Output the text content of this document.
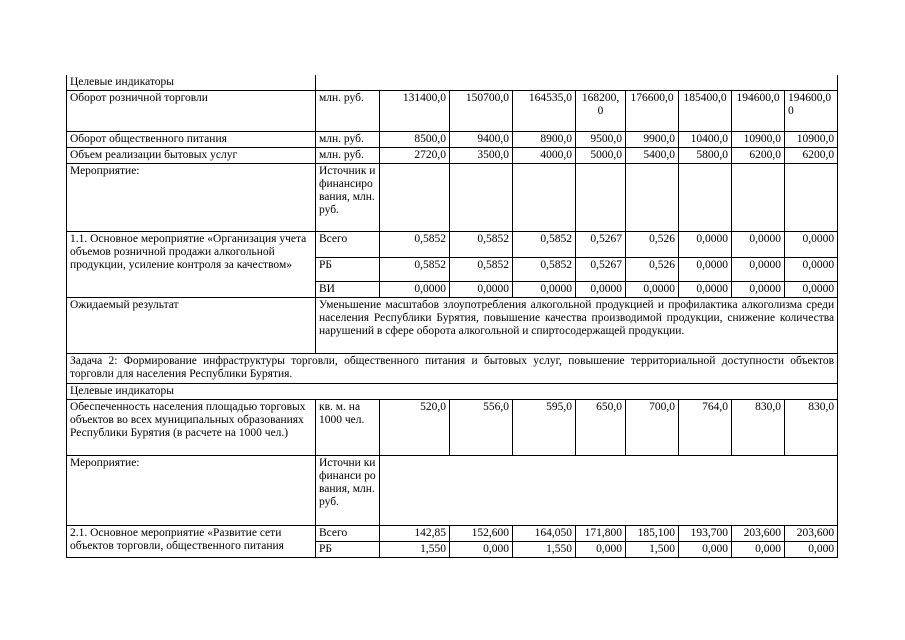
Целевые индикаторы									
Оборот розничной торговли	млн. руб.	131400,0	150700,0	164535,0	168200,0	176600,0	185400,0	194600,0	194600,00
Оборот общественного питания	млн. руб.	8500,0	9400,0	8900,0	9500,0	9900,0	10400,0	10900,0	10900,0
Объем реализации бытовых услуг	млн. руб.	2720,0	3500,0	4000,0	5000,0	5400,0	5800,0	6200,0	6200,0
Мероприятие:	Источник и финансирования, млн. руб.								
1.1. Основное мероприятие «Организация учета объемов розничной продажи алкогольной продукции, усиление контроля за качеством»	Всего	0,5852	0,5852	0,5852	0,5267	0,526	0,0000	0,0000	0,0000
	РБ	0,5852	0,5852	0,5852	0,5267	0,526	0,0000	0,0000	0,0000
	ВИ	0,0000	0,0000	0,0000	0,0000	0,0000	0,0000	0,0000	0,0000
Ожидаемый результат	Уменьшение масштабов злоупотребления алкогольной продукцией и профилактика алкоголизма среди населения Республики Бурятия, повышение качества производимой продукции, снижение количества нарушений в сфере оборота алкогольной и спиртосодержащей продукции.								
Задача 2: Формирование инфраструктуры торговли, общественного питания и бытовых услуг, повышение территориальной доступности объектов торговли для населения Республики Бурятия.									
Целевые индикаторы									
Обеспеченность населения площадью торговых объектов во всех муниципальных образованиях Республики Бурятия (в расчете на 1000 чел.)	кв. м. на 1000 чел.	520,0	556,0	595,0	650,0	700,0	764,0	830,0	830,0
Мероприятие:	Источни ки финанси рования, млн. руб.								
2.1. Основное мероприятие «Развитие сети объектов торговли, общественного питания	Всего	142,85	152,600	164,050	171,800	185,100	193,700	203,600	203,600
	РБ	1,550	0,000	1,550	0,000	1,500	0,000	0,000	0,000
